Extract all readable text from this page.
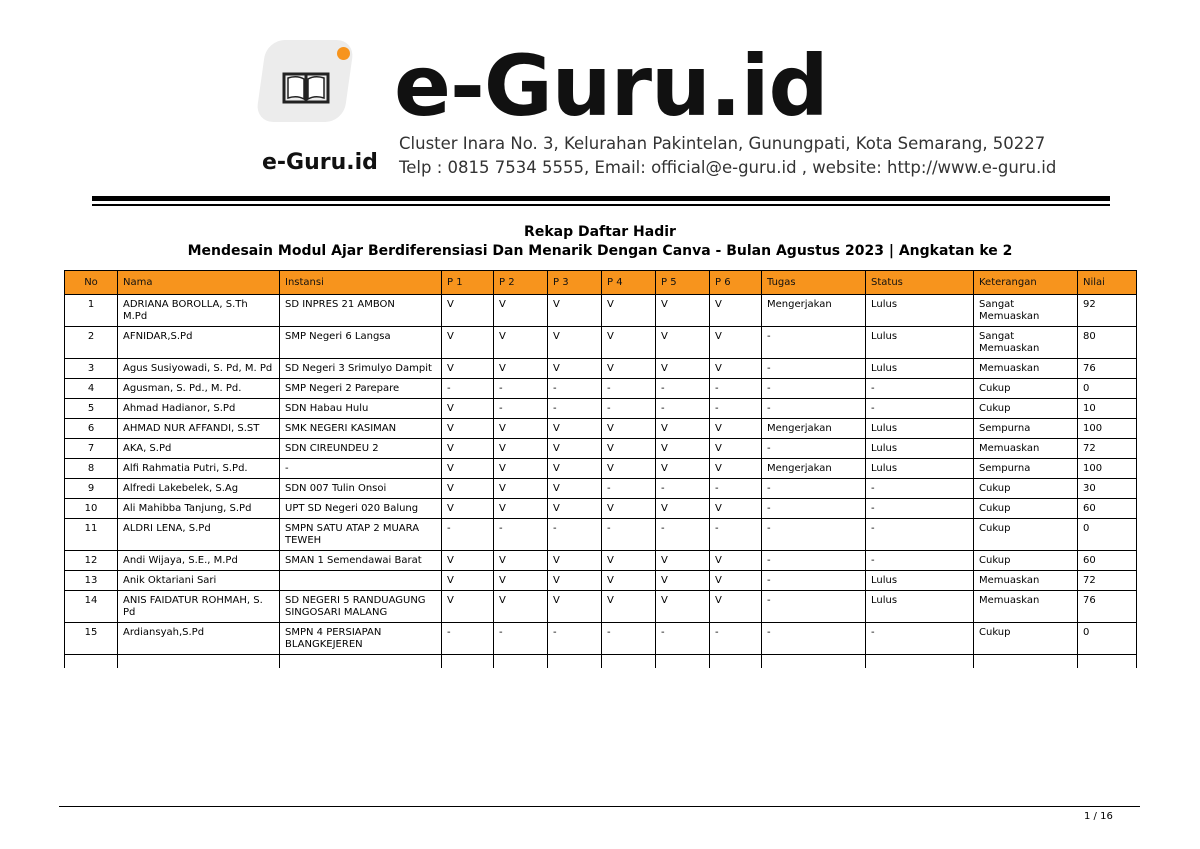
e-Guru.id
e-Guru.id
Cluster Inara No. 3, Kelurahan Pakintelan, Gunungpati, Kota Semarang, 50227
Telp : 0815 7534 5555, Email: official@e-guru.id , website: http://www.e-guru.id
Rekap Daftar Hadir
Mendesain Modul Ajar Berdiferensiasi Dan Menarik Dengan Canva - Bulan Agustus 2023 | Angkatan ke 2
No	Nama	Instansi	P 1	P 2	P 3	P 4	P 5	P 6	Tugas	Status	Keterangan	Nilai
1	ADRIANA BOROLLA, S.Th M.Pd	SD INPRES 21 AMBON	V	V	V	V	V	V	Mengerjakan	Lulus	Sangat Memuaskan	92
2	AFNIDAR,S.Pd	SMP Negeri 6 Langsa	V	V	V	V	V	V	-	Lulus	Sangat Memuaskan	80
3	Agus Susiyowadi, S. Pd, M. Pd	SD Negeri 3 Srimulyo Dampit	V	V	V	V	V	V	-	Lulus	Memuaskan	76
4	Agusman, S. Pd., M. Pd.	SMP Negeri 2 Parepare	-	-	-	-	-	-	-	-	Cukup	0
5	Ahmad Hadianor, S.Pd	SDN Habau Hulu	V	-	-	-	-	-	-	-	Cukup	10
6	AHMAD NUR AFFANDI, S.ST	SMK NEGERI KASIMAN	V	V	V	V	V	V	Mengerjakan	Lulus	Sempurna	100
7	AKA, S.Pd	SDN CIREUNDEU 2	V	V	V	V	V	V	-	Lulus	Memuaskan	72
8	Alfi Rahmatia Putri, S.Pd.	-	V	V	V	V	V	V	Mengerjakan	Lulus	Sempurna	100
9	Alfredi Lakebelek, S.Ag	SDN 007 Tulin Onsoi	V	V	V	-	-	-	-	-	Cukup	30
10	Ali Mahibba Tanjung, S.Pd	UPT SD Negeri 020 Balung	V	V	V	V	V	V	-	-	Cukup	60
11	ALDRI LENA, S.Pd	SMPN SATU ATAP 2 MUARA TEWEH	-	-	-	-	-	-	-	-	Cukup	0
12	Andi Wijaya, S.E., M.Pd	SMAN 1 Semendawai Barat	V	V	V	V	V	V	-	-	Cukup	60
13	Anik Oktariani Sari		V	V	V	V	V	V	-	Lulus	Memuaskan	72
14	ANIS FAIDATUR ROHMAH, S. Pd	SD NEGERI 5 RANDUAGUNG SINGOSARI MALANG	V	V	V	V	V	V	-	Lulus	Memuaskan	76
15	Ardiansyah,S.Pd	SMPN 4 PERSIAPAN BLANGKEJEREN	-	-	-	-	-	-	-	-	Cukup	0

1 / 16
